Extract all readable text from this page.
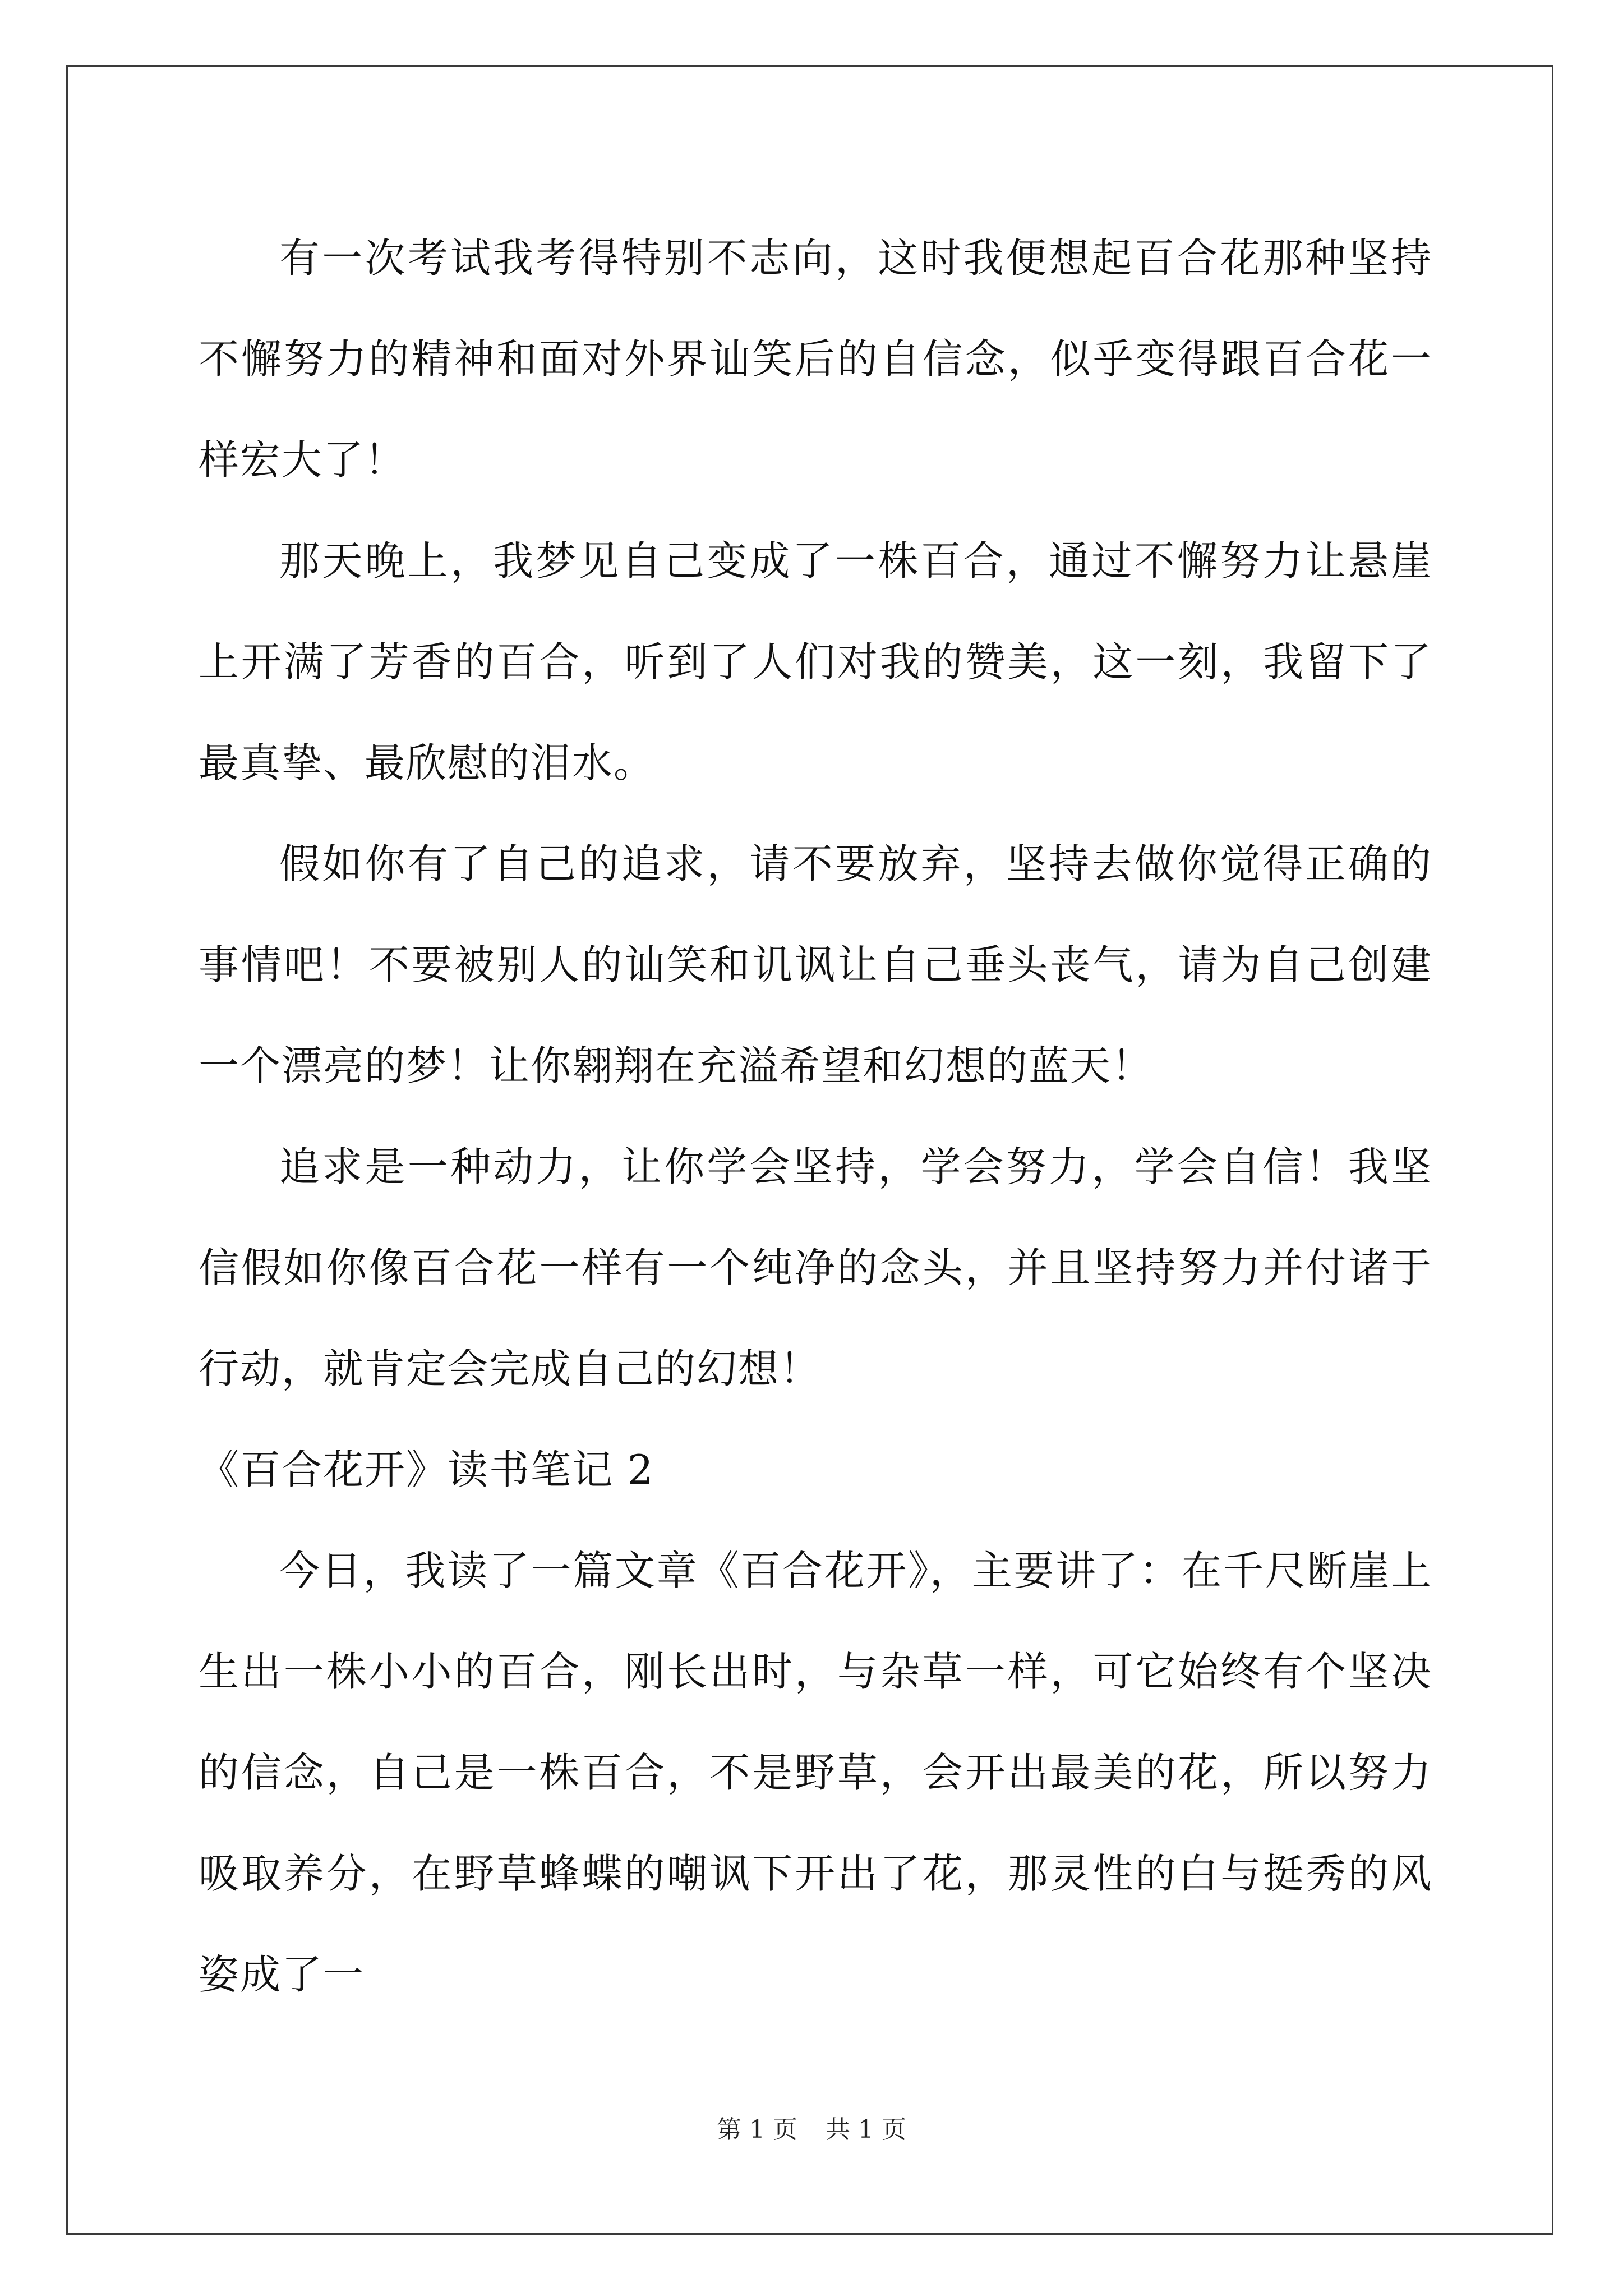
有一次考试我考得特别不志向，这时我便想起百合花那种坚持不懈努力的精神和面对外界讪笑后的自信念，似乎变得跟百合花一样宏大了！

那天晚上，我梦见自己变成了一株百合，通过不懈努力让悬崖上开满了芳香的百合，听到了人们对我的赞美，这一刻，我留下了最真挚、最欣慰的泪水。

假如你有了自己的追求，请不要放弃，坚持去做你觉得正确的事情吧！不要被别人的讪笑和讥讽让自己垂头丧气，请为自己创建一个漂亮的梦！让你翱翔在充溢希望和幻想的蓝天！

追求是一种动力，让你学会坚持，学会努力，学会自信！我坚信假如你像百合花一样有一个纯净的念头，并且坚持努力并付诸于行动，就肯定会完成自己的幻想！

《百合花开》读书笔记 2

今日，我读了一篇文章《百合花开》，主要讲了：在千尺断崖上生出一株小小的百合，刚长出时，与杂草一样，可它始终有个坚决的信念，自己是一株百合，不是野草，会开出最美的花，所以努力吸取养分，在野草蜂蝶的嘲讽下开出了花，那灵性的白与挺秀的风姿成了一

第 1 页 共 1 页
